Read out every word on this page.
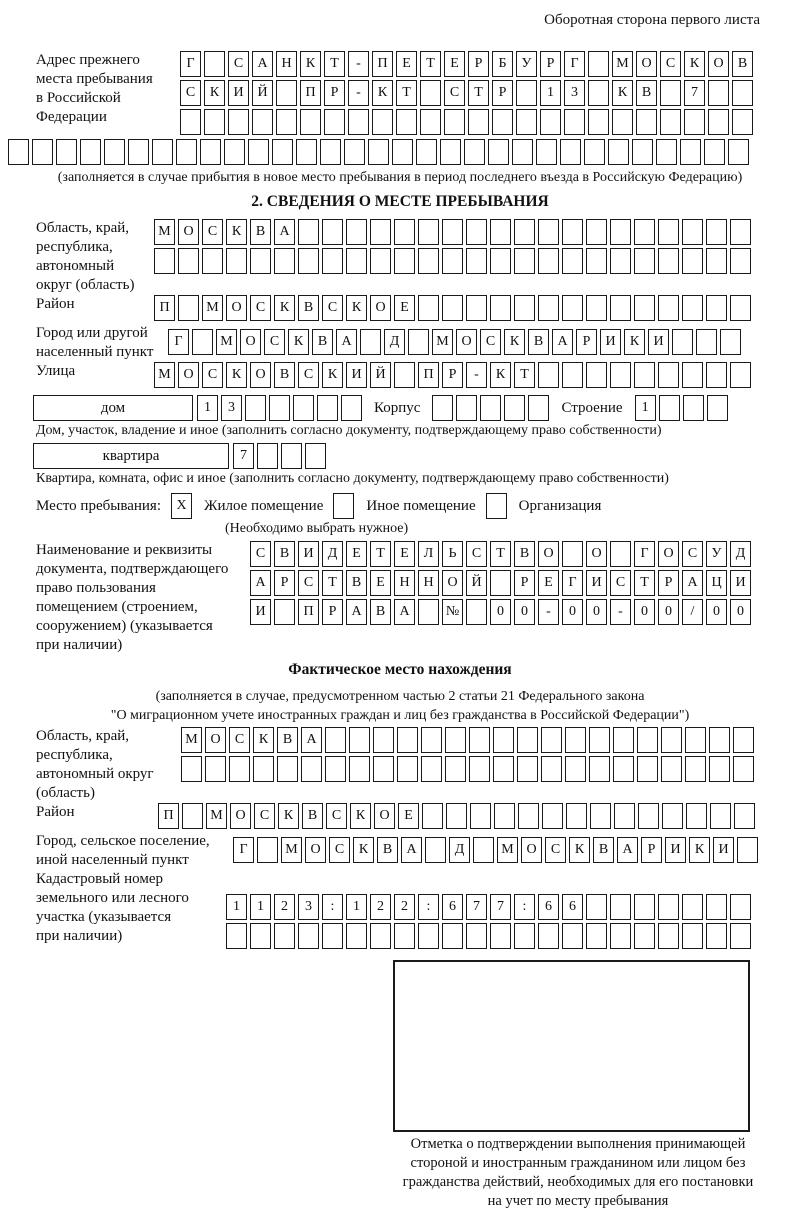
Оборотная сторона первого листа
Адрес прежнего
места пребывания
в Российской
Федерации
Г	С	А Н	К	Т	-	П	Е	Т	Е	Р	Б	У	Р	Г	М О	С	К	О	В
С	К	И Й	П	Р	-	К	Т	С	Т	Р	1	3	К	В	7
(заполняется в случае прибытия в новое место пребывания в период последнего въезда в Российскую Федерацию)
2. СВЕДЕНИЯ О МЕСТЕ ПРЕБЫВАНИЯ
Область, край,
республика,
автономный
округ (область)
М О	С	К	В	А
Район	П	М О	С	К	В	С	К	О	Е
Город или другой
населенный пункт
Г	М О	С	К	В	А	Д	М О	С	К	В	А	Р	И	К	И
Улица	М О	С	К	О	В	С	К	И Й	П	Р	-	К	Т
дом	1	3	Корпус	Строение	1
Дом, участок, владение и иное (заполнить согласно документу, подтверждающему право собственности)
квартира	7
Квартира, комната, офис и иное (заполнить согласно документу, подтверждающему право собственности)
Место пребывания:	X	Жилое помещение	Иное помещение	Организация
(Необходимо выбрать нужное)
Наименование и реквизиты
документа, подтверждающего
право пользования
помещением (строением,
сооружением) (указывается
при наличии)
С	В	И	Д	Е	Т	Е	Л	Ь	С	Т	В	О	О	Г	О	С	У	Д
А	Р	С	Т	В	Е	Н Н О Й	Р	Е	Г	И	С	Т	Р	А Ц И
И	П	Р	А	В	А	№	0	0	-	0	0	-	0	0	/	0	0
Фактическое место нахождения
(заполняется в случае, предусмотренном частью 2 статьи 21 Федерального закона
"О миграционном учете иностранных граждан и лиц без гражданства в Российской Федерации")
Область, край,
республика,
автономный округ
(область)
М О	С	К	В	А
Район	П	М О	С	К	В	С	К	О	Е
Город, сельское поселение,
иной населенный пункт
Г	М О	С	К	В	А	Д	М О	С	К	В	А	Р	И	К	И
Кадастровый номер
земельного или лесного
участка (указывается
при наличии)
1	1	2	3	:	1	2	2	:	6	7	7	:	6	6
Отметка о подтверждении выполнения принимающей
стороной и иностранным гражданином или лицом без
гражданства действий, необходимых для его постановки
на учет по месту пребывания
